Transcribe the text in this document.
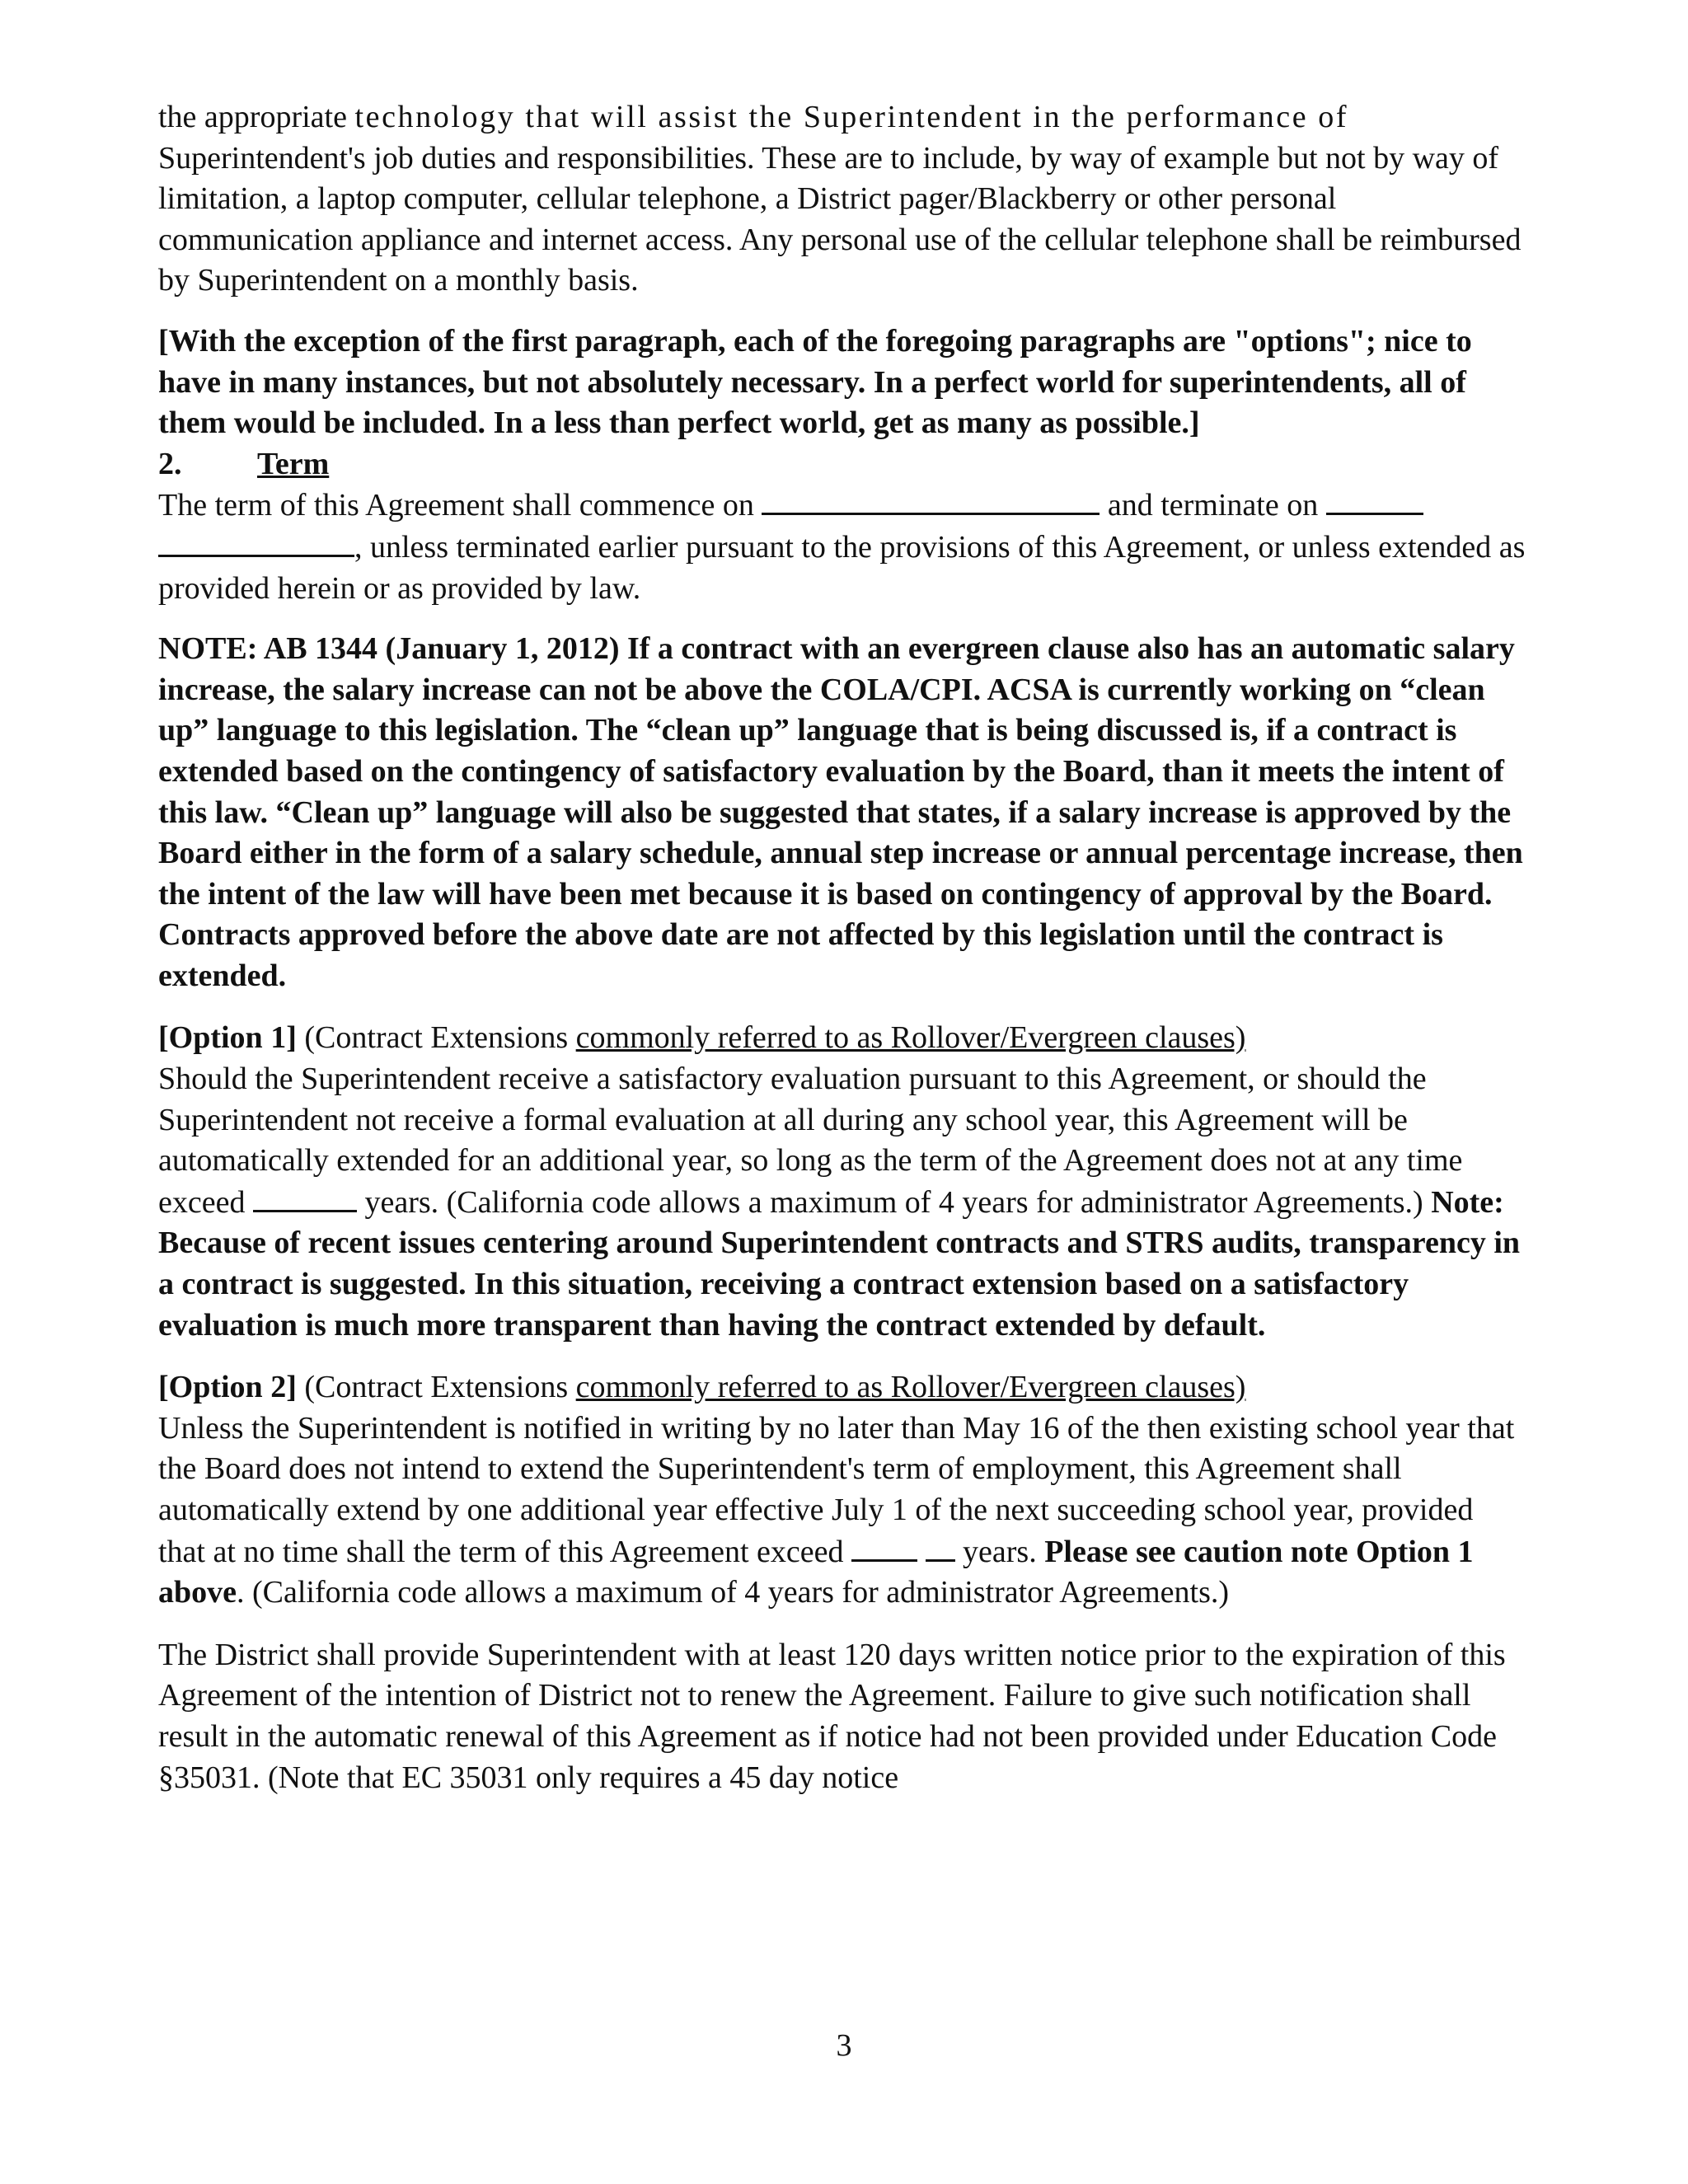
the appropriate technology that will assist the Superintendent in the performance of Superintendent's job duties and responsibilities. These are to include, by way of example but not by way of limitation, a laptop computer, cellular telephone, a District pager/Blackberry or other personal communication appliance and internet access. Any personal use of the cellular telephone shall be reimbursed by Superintendent on a monthly basis.

[With the exception of the first paragraph, each of the foregoing paragraphs are "options"; nice to have in many instances, but not absolutely necessary. In a perfect world for superintendents, all of them would be included. In a less than perfect world, get as many as possible.]

2. Term

The term of this Agreement shall commence on	and terminate on  , unless terminated earlier pursuant to the provisions of this Agreement, or unless extended as provided herein or as provided by law.

NOTE: AB 1344 (January 1, 2012) If a contract with an evergreen clause also has an automatic salary increase, the salary increase can not be above the COLA/CPI. ACSA is currently working on “clean up” language to this legislation. The “clean up” language that is being discussed is, if a contract is extended based on the contingency of satisfactory evaluation by the Board, than it meets the intent of this law. “Clean up” language will also be suggested that states, if a salary increase is approved by the Board either in the form of a salary schedule, annual step increase or annual percentage increase, then the intent of the law will have been met because it is based on contingency of approval by the Board. Contracts approved before the above date are not affected by this legislation until the contract is extended.

[Option 1] (Contract Extensions commonly referred to as Rollover/Evergreen clauses)
Should the Superintendent receive a satisfactory evaluation pursuant to this Agreement, or should the Superintendent not receive a formal evaluation at all during any school year, this Agreement will be automatically extended for an additional year, so long as the term of the Agreement does not at any time exceed	years. (California code allows a maximum of 4 years for administrator Agreements.) Note: Because of recent issues centering around Superintendent contracts and STRS audits, transparency in a contract is suggested. In this situation, receiving a contract extension based on a satisfactory evaluation is much more transparent than having the contract extended by default.

[Option 2] (Contract Extensions commonly referred to as Rollover/Evergreen clauses)
Unless the Superintendent is notified in writing by no later than May 16 of the then existing school year that the Board does not intend to extend the Superintendent's term of employment, this Agreement shall automatically extend by one additional year effective July 1 of the next succeeding school year, provided that at no time shall the term of this Agreement exceed	years. Please see caution note Option 1 above. (California code allows a maximum of 4 years for administrator Agreements.)

The District shall provide Superintendent with at least 120 days written notice prior to the expiration of this Agreement of the intention of District not to renew the Agreement. Failure to give such notification shall result in the automatic renewal of this Agreement as if notice had not been provided under Education Code §35031. (Note that EC 35031 only requires a 45 day notice

3
